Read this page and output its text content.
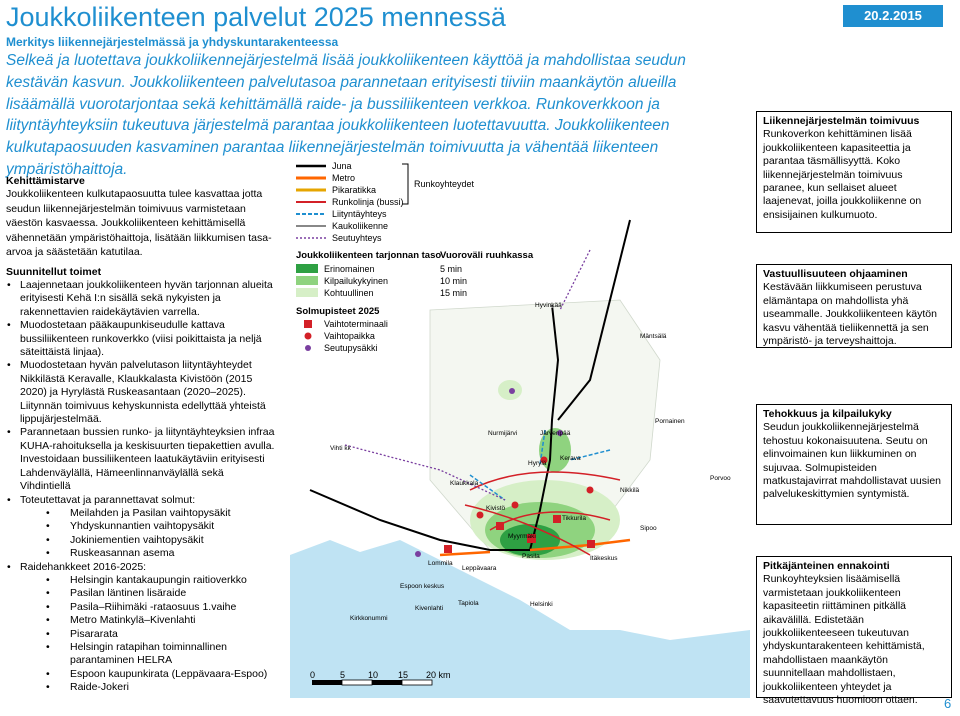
Joukkoliikenteen palvelut 2025 mennessä	20.2.2015
Merkitys liikennejärjestelmässä ja yhdyskuntarakenteessa
Selkeä ja luotettava joukkoliikennejärjestelmä lisää joukkoliikenteen käyttöä ja mahdollistaa seudun kestävän kasvun. Joukkoliikenteen palvelutasoa parannetaan erityisesti tiiviin maankäytön alueilla lisäämällä vuorotarjontaa sekä kehittämällä raide- ja bussiliikenteen verkkoa. Runkoverkkoon ja liityntäyhteyksiin tukeutuva järjestelmä parantaa joukkoliikenteen luotettavuutta. Joukkoliikenteen kulkutapaosuuden kasvaminen parantaa liikennejärjestelmän toimivuutta ja vähentää liikenteen ympäristöhaittoja.
Kehittämistarve
Joukkoliikenteen kulkutapaosuutta tulee kasvattaa jotta seudun liikennejärjestelmän toimivuus varmistetaan väestön kasvaessa. Joukkoliikenteen kehittämisellä vähennetään ympäristöhaittoja, lisätään liikkumisen tasa-arvoa ja säästetään katutilaa.
Suunnitellut toimet
• Laajennetaan joukkoliikenteen hyvän tarjonnan alueita erityisesti Kehä I:n sisällä sekä nykyisten ja rakennettavien raidekäytävien varrella.
• Muodostetaan pääkaupunkiseudulle kattava bussiliikenteen runkoverkko (viisi poikittaista ja neljä säteittäistä linjaa).
• Muodostetaan hyvän palvelutason liityntäyhteydet Nikkilästä Keravalle, Klaukkalasta Kivistöön (2015 2020) ja Hyrylästä Ruskeasantaan (2020–2025). Liitynnän toimivuus kehyskunnista edellyttää yhteistä lippujärjestelmää.
• Parannetaan bussien runko- ja liityntäyhteyksien infraa KUHA-rahoituksella ja keskisuurten tiepakettien avulla. Investoidaan bussiliikenteen laatukäytäviin erityisesti Lahdenväylällä, Hämeenlinnanväylällä sekä Vihdintiellä
• Toteutettavat ja parannettavat solmut:
• Meilahden ja Pasilan vaihtopysäkit
• Yhdyskunnantien vaihtopysäkit
• Jokiniementien vaihtopysäkit
• Ruskeasannan asema
• Raidehankkeet 2016-2025:
• Helsingin kantakaupungin raitioverkko
• Pasilan läntinen lisäraide
• Pasila–Riihimäki -rataosuus 1.vaihe
• Metro Matinkylä–Kivenlahti
• Pisararata
• Helsingin ratapihan toiminnallinen parantaminen HELRA
• Espoon kaupunkirata (Leppävaara-Espoo)
• Raide-Jokeri
Mäntsälä
Hyvinkää
Nurmijärvi	Järvenpää
Pornainen
Vihti kk
Hyrylä
Kerava
Nikkilä
Klaukkala
Kivistö
Tikkurila
Myyrmäki
Leppävaara
Lommila
Espoon keskus
Tapiola
Pasila	Itäkeskus
Kivenlahti
Helsinki
Kirkkonummi
Sipoo
Porvoo
Juna
Metro
Pikaratikka
Runkolinja (bussi)
Liityntäyhteys
Kaukoliikenne
Seutuyhteys
Runkoyhteydet
Joukkoliikenteen tarjonnan taso
Vuoroväli ruuhkassa
Erinomainen	5 min
Kilpailukykyinen	10 min
Kohtuullinen	15 min
Solmupisteet 2025
Vaihtoterminaali
Vaihtopaikka
Seutupysäkki
0	5	10 15 20 km
Liikennejärjestelmän toimivuus
Runkoverkon kehittäminen lisää joukkoliikenteen kapasiteettia ja parantaa täsmällisyyttä. Koko liikennejärjestelmän toimivuus paranee, kun sellaiset alueet laajenevat, joilla joukkoliikenne on ensisijainen kulkumuoto.
Vastuullisuuteen ohjaaminen
Kestävään liikkumiseen perustuva elämäntapa on mahdollista yhä useammalle. Joukkoliikenteen käytön kasvu vähentää tieliikennettä ja sen ympäristö- ja terveyshaittoja.
Tehokkuus ja kilpailukyky
Seudun joukkoliikennejärjestelmä tehostuu kokonaisuutena. Seutu on elinvoimainen kun liikkuminen on sujuvaa. Solmupisteiden matkustajavirrat mahdollistavat uusien palvelukeskittymien syntymistä.
Pitkäjänteinen ennakointi
Runkoyhteyksien lisäämisellä varmistetaan joukkoliikenteen kapasiteetin riittäminen pitkällä aikavälillä. Edistetään joukkoliikenteeseen tukeutuvan yhdyskuntarakenteen kehittämistä, mahdollistaen maankäytön suunnitellaan mahdollistaen, joukkoliikenteen yhteydet ja saavutettavuus huomioon ottaen.	6
